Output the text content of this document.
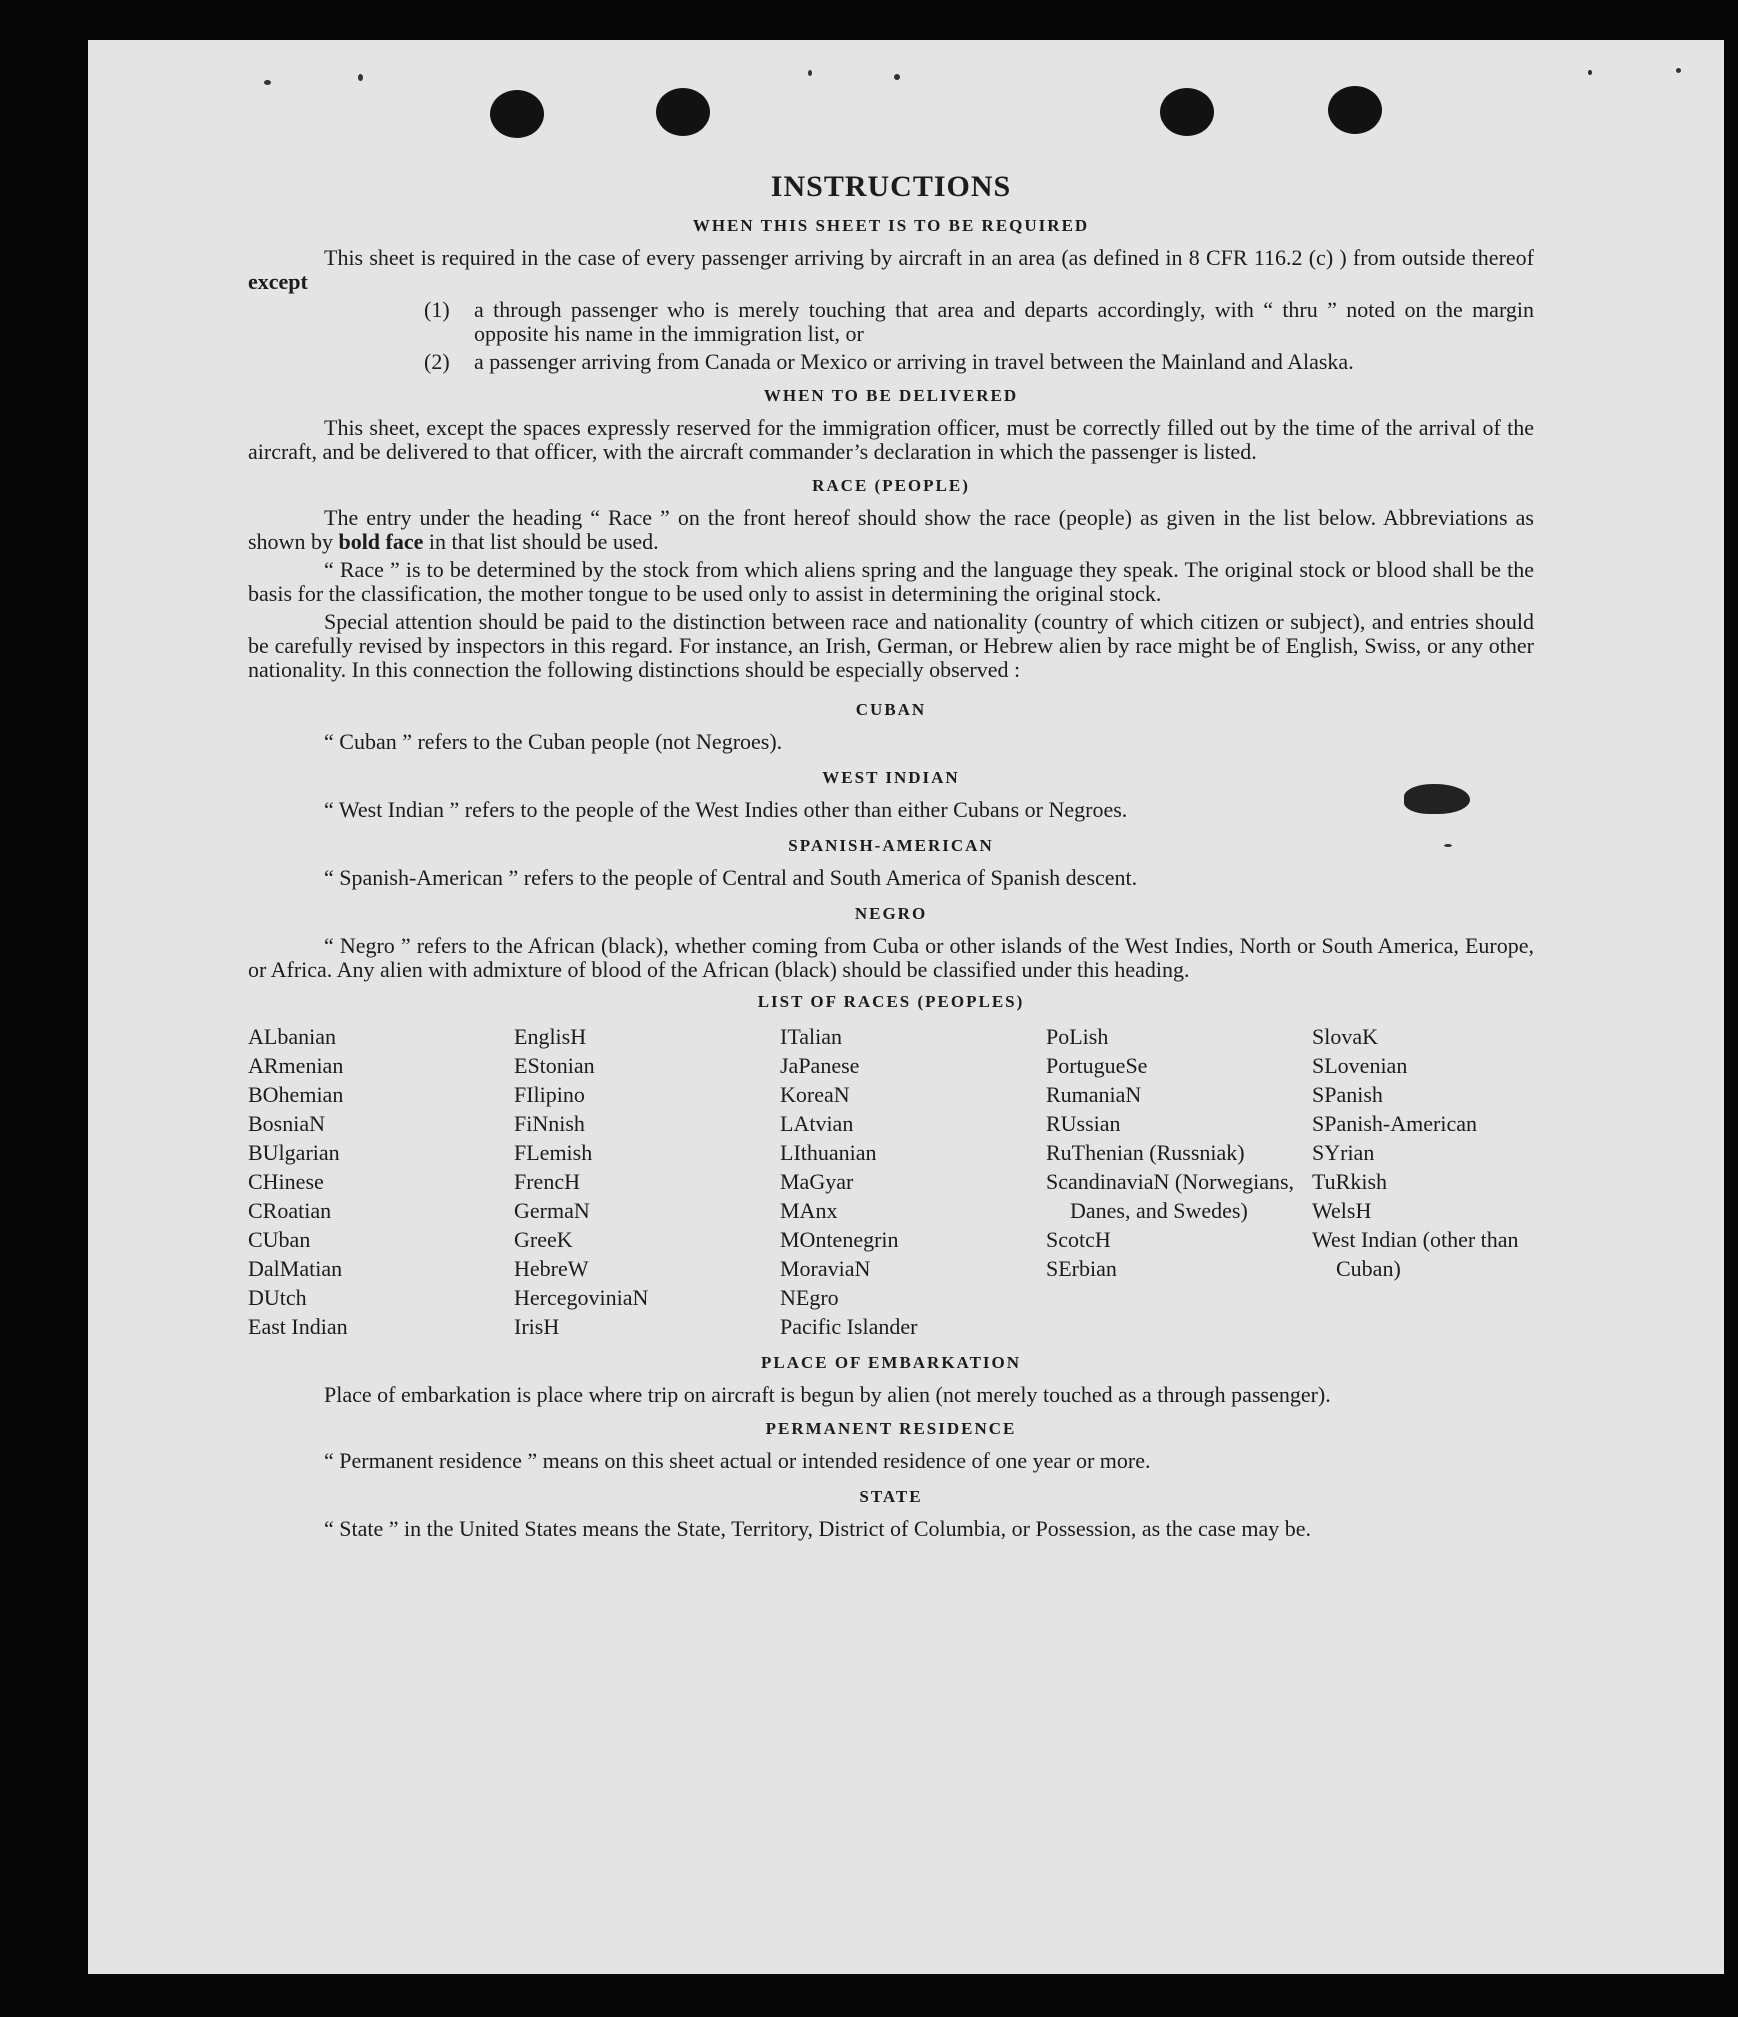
INSTRUCTIONS
WHEN THIS SHEET IS TO BE REQUIRED

This sheet is required in the case of every passenger arriving by aircraft in an area (as defined in 8 CFR 116.2 (c) ) from outside thereof except

(1) a through passenger who is merely touching that area and departs accordingly, with “ thru ” noted on the margin opposite his name in the immigration list, or
(2) a passenger arriving from Canada or Mexico or arriving in travel between the Mainland and Alaska.
WHEN TO BE DELIVERED

This sheet, except the spaces expressly reserved for the immigration officer, must be correctly filled out by the time of the arrival of the aircraft, and be delivered to that officer, with the aircraft commander’s declaration in which the passenger is listed.

RACE (PEOPLE)

The entry under the heading “ Race ” on the front hereof should show the race (people) as given in the list below. Abbreviations as shown by bold face in that list should be used.

“ Race ” is to be determined by the stock from which aliens spring and the language they speak. The original stock or blood shall be the basis for the classification, the mother tongue to be used only to assist in determining the original stock.

Special attention should be paid to the distinction between race and nationality (country of which citizen or subject), and entries should be carefully revised by inspectors in this regard. For instance, an Irish, German, or Hebrew alien by race might be of English, Swiss, or any other nationality. In this connection the following distinctions should be especially observed :

CUBAN
“ Cuban ” refers to the Cuban people (not Negroes).
WEST INDIAN
“ West Indian ” refers to the people of the West Indies other than either Cubans or Negroes.
SPANISH-AMERICAN
“ Spanish-American ” refers to the people of Central and South America of Spanish descent.
NEGRO

“ Negro ” refers to the African (black), whether coming from Cuba or other islands of the West Indies, North or South America, Europe, or Africa. Any alien with admixture of blood of the African (black) should be classified under this heading.

LIST OF RACES (PEOPLES)
ALbanian
ARmenian
BOhemian
BosniaN
BUlgarian
CHinese
CRoatian
CUban
DalMatian
DUtch
East Indian
EnglisH
EStonian
FIlipino
FiNnish
FLemish
FrencH
GermaN
GreeK
HebreW
HercegoviniaN
IrisH
ITalian
JaPanese
KoreaN
LAtvian
LIthuanian
MaGyar
MAnx
MOntenegrin
MoraviaN
NEgro
Pacific Islander
PoLish
PortugueSe
RumaniaN
RUssian
RuThenian (Russniak)
ScandinaviaN (Norwegians, Danes, and Swedes)
ScotcH
SErbian
SlovaK
SLovenian
SPanish
SPanish-American
SYrian
TuRkish
WelsH
West Indian (other than Cuban)
PLACE OF EMBARKATION

Place of embarkation is place where trip on aircraft is begun by alien (not merely touched as a through passenger).

PERMANENT RESIDENCE
“ Permanent residence ” means on this sheet actual or intended residence of one year or more.
STATE

“ State ” in the United States means the State, Territory, District of Columbia, or Possession, as the case may be.
